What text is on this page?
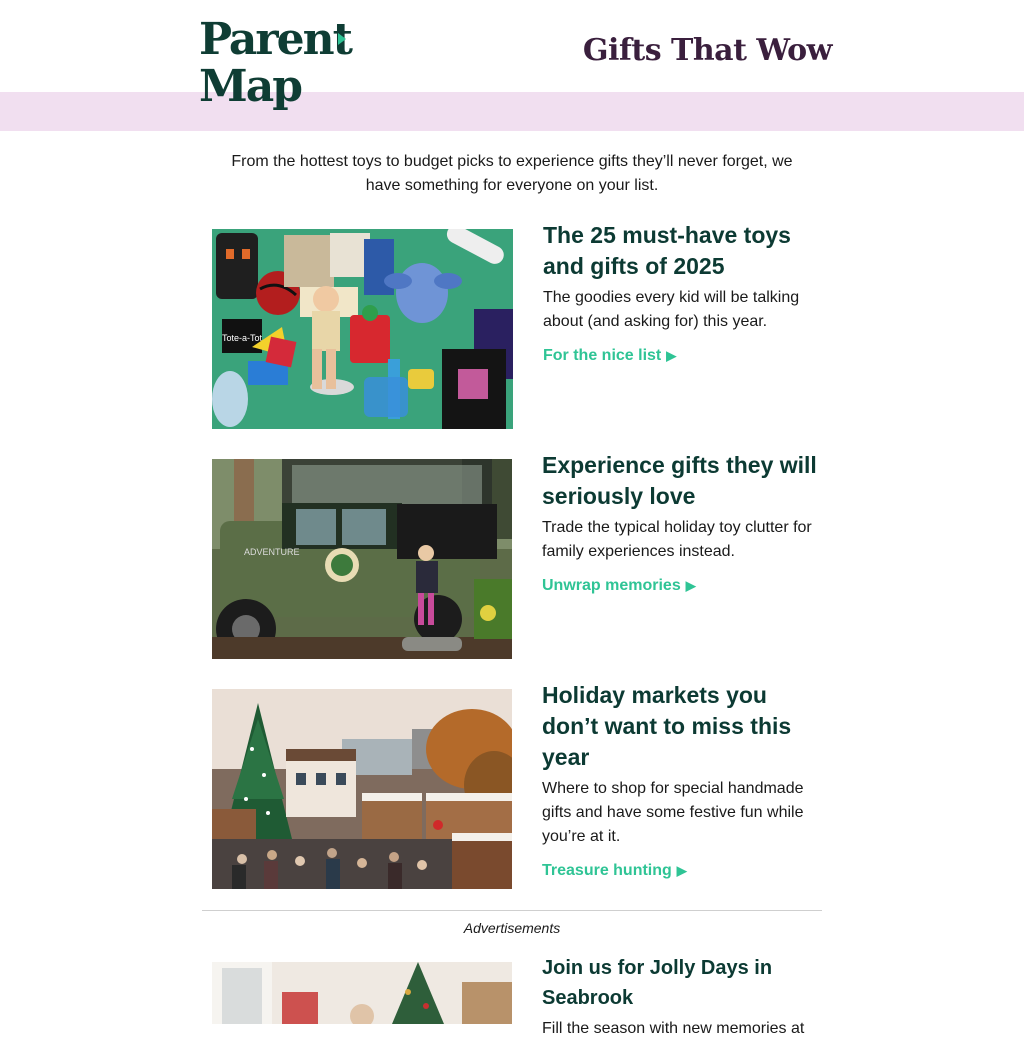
Parent
Map
Gifts That Wow
From the hottest toys to budget picks to experience gifts they’ll never forget, we have something for everyone on your list.
Tote-a-Tot
The 25 must-have toys and gifts of 2025
The goodies every kid will be talking about (and asking for) this year.
For the nice list ▶
ADVENTURE
Experience gifts they will seriously love
Trade the typical holiday toy clutter for family experiences instead.
Unwrap memories ▶
Holiday markets you don’t want to miss this year
Where to shop for special handmade gifts and have some festive fun while you’re at it.
Treasure hunting ▶
Advertisements
Join us for Jolly Days in Seabrook
Fill the season with new memories at
